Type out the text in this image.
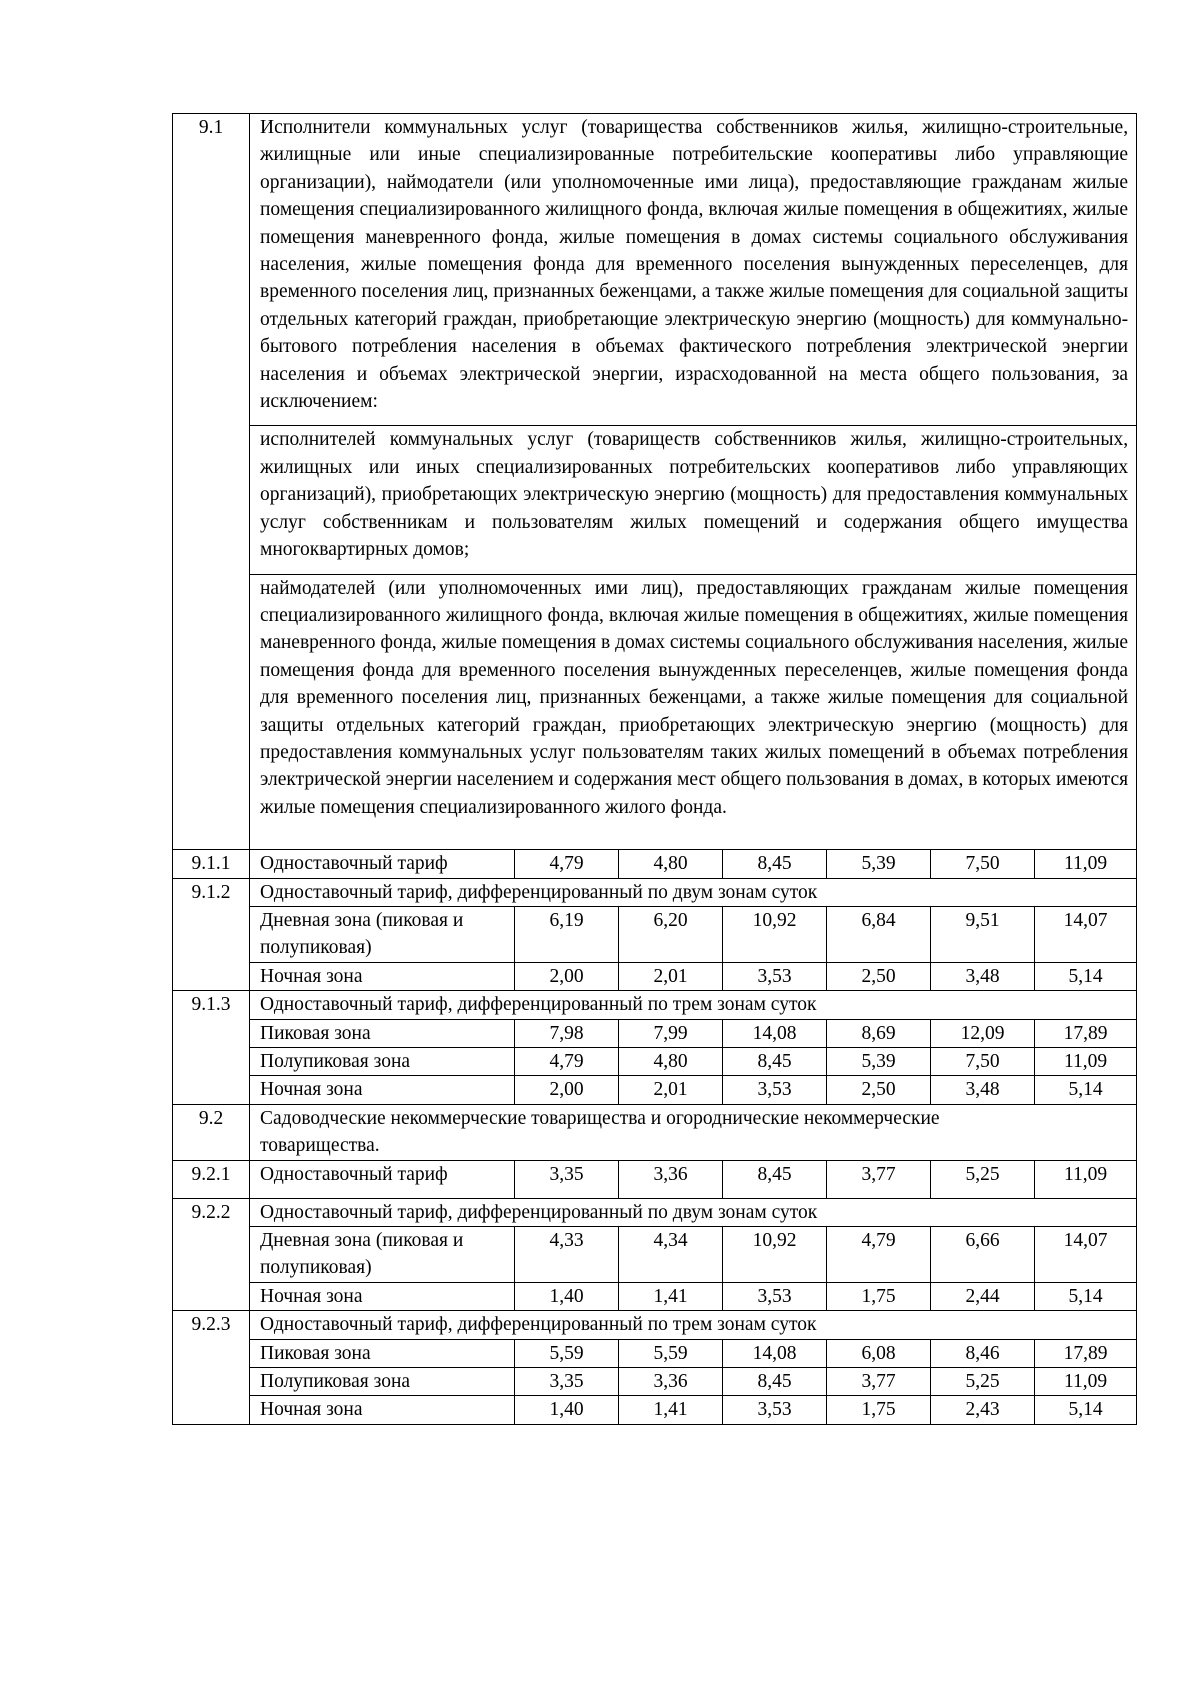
9.1	Исполнители коммунальных услуг (товарищества собственников жилья, жилищно-строительные, жилищные или иные специализированные потребительские кооперативы либо управляющие организации), наймодатели (или уполномоченные ими лица), предоставляющие гражданам жилые помещения специализированного жилищного фонда, включая жилые помещения в общежитиях, жилые помещения маневренного фонда, жилые помещения в домах системы социального обслуживания населения, жилые помещения фонда для временного поселения вынужденных переселенцев, для временного поселения лиц, признанных беженцами, а также жилые помещения для социальной защиты отдельных категорий граждан, приобретающие электрическую энергию (мощность) для коммунально-бытового потребления населения в объемах фактического потребления электрической энергии населения и объемах электрической энергии, израсходованной на места общего пользования, за исключением:						
	исполнителей коммунальных услуг (товариществ собственников жилья, жилищно-строительных, жилищных или иных специализированных потребительских кооперативов либо управляющих организаций), приобретающих электрическую энергию (мощность) для предоставления коммунальных услуг собственникам и пользователям жилых помещений и содержания общего имущества многоквартирных домов;						
	наймодателей (или уполномоченных ими лиц), предоставляющих гражданам жилые помещения специализированного жилищного фонда, включая жилые помещения в общежитиях, жилые помещения маневренного фонда, жилые помещения в домах системы социального обслуживания населения, жилые помещения фонда для временного поселения вынужденных переселенцев, жилые помещения фонда для временного поселения лиц, признанных беженцами, а также жилые помещения для социальной защиты отдельных категорий граждан, приобретающих электрическую энергию (мощность) для предоставления коммунальных услуг пользователям таких жилых помещений в объемах потребления электрической энергии населением и содержания мест общего пользования в домах, в которых имеются жилые помещения специализированного жилого фонда.						
9.1.1	Одноставочный тариф	4,79	4,80	8,45	5,39	7,50	11,09
9.1.2	Одноставочный тариф, дифференцированный по двум зонам суток						
	Дневная зона (пиковая и полупиковая)	6,19	6,20	10,92	6,84	9,51	14,07
	Ночная зона	2,00	2,01	3,53	2,50	3,48	5,14
9.1.3	Одноставочный тариф, дифференцированный по трем зонам суток						
	Пиковая зона	7,98	7,99	14,08	8,69	12,09	17,89
	Полупиковая зона	4,79	4,80	8,45	5,39	7,50	11,09
	Ночная зона	2,00	2,01	3,53	2,50	3,48	5,14
9.2	Садоводческие некоммерческие товарищества и огороднические некоммерческие товарищества.						
9.2.1	Одноставочный тариф	3,35	3,36	8,45	3,77	5,25	11,09
9.2.2	Одноставочный тариф, дифференцированный по двум зонам суток						
	Дневная зона (пиковая и полупиковая)	4,33	4,34	10,92	4,79	6,66	14,07
	Ночная зона	1,40	1,41	3,53	1,75	2,44	5,14
9.2.3	Одноставочный тариф, дифференцированный по трем зонам суток						
	Пиковая зона	5,59	5,59	14,08	6,08	8,46	17,89
	Полупиковая зона	3,35	3,36	8,45	3,77	5,25	11,09
	Ночная зона	1,40	1,41	3,53	1,75	2,43	5,14
